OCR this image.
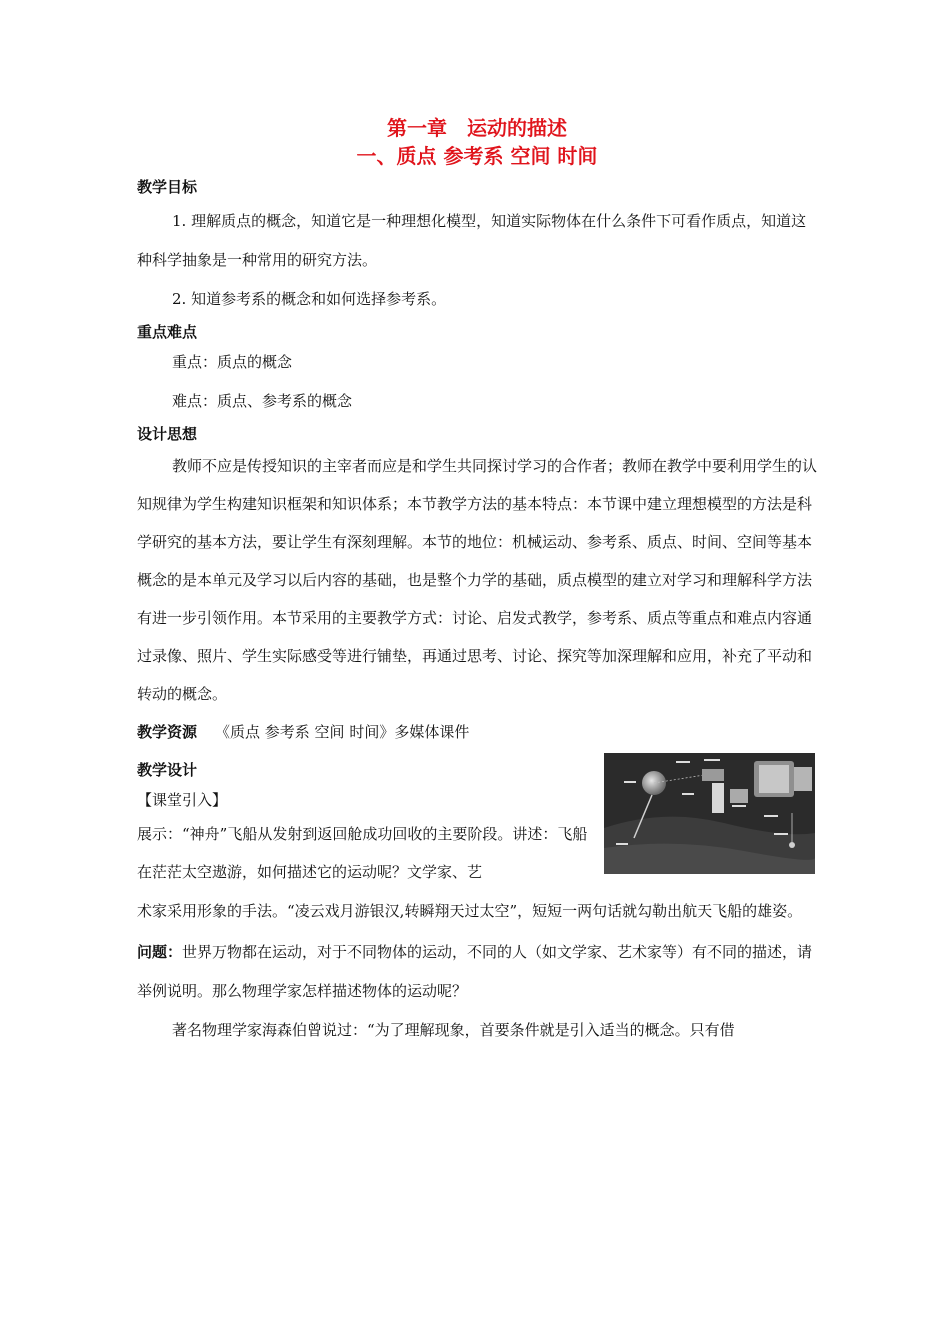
第一章　运动的描述

一、质点 参考系 空间 时间

教学目标

1. 理解质点的概念，知道它是一种理想化模型，知道实际物体在什么条件下可看作质点，知道这种科学抽象是一种常用的研究方法。

2. 知道参考系的概念和如何选择参考系。

重点难点

重点：质点的概念

难点：质点、参考系的概念

设计思想

教师不应是传授知识的主宰者而应是和学生共同探讨学习的合作者；教师在教学中要利用学生的认知规律为学生构建知识框架和知识体系；本节教学方法的基本特点：本节课中建立理想模型的方法是科学研究的基本方法，要让学生有深刻理解。本节的地位：机械运动、参考系、质点、时间、空间等基本概念的是本单元及学习以后内容的基础，也是整个力学的基础，质点模型的建立对学习和理解科学方法有进一步引领作用。本节采用的主要教学方式：讨论、启发式教学，参考系、质点等重点和难点内容通过录像、照片、学生实际感受等进行铺垫，再通过思考、讨论、探究等加深理解和应用，补充了平动和转动的概念。

教学资源 《质点 参考系 空间 时间》多媒体课件

教学设计

【课堂引入】

展示：“神舟”飞船从发射到返回舱成功回收的主要阶段。讲述：飞船在茫茫太空遨游，如何描述它的运动呢？文学家、艺

术家采用形象的手法。“凌云戏月游银汉,转瞬翔天过太空”，短短一两句话就勾勒出航天飞船的雄姿。

问题：世界万物都在运动，对于不同物体的运动，不同的人（如文学家、艺术家等）有不同的描述，请举例说明。那么物理学家怎样描述物体的运动呢？

著名物理学家海森伯曾说过：“为了理解现象，首要条件就是引入适当的概念。只有借
